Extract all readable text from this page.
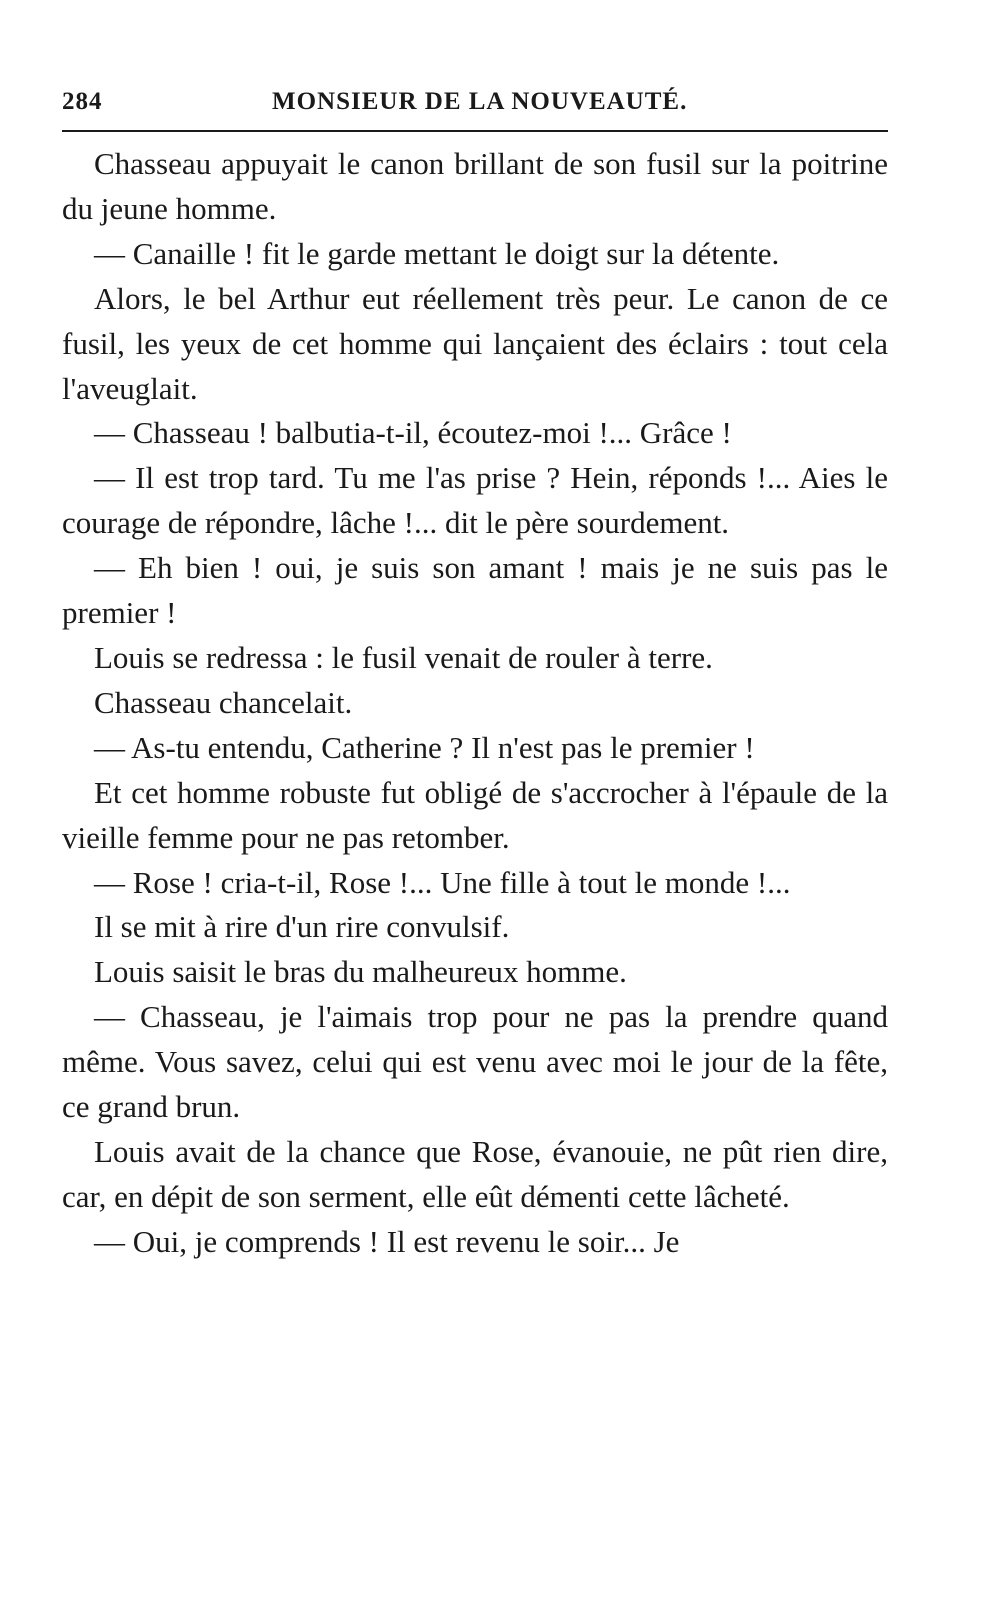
284	MONSIEUR DE LA NOUVEAUTÉ.

Chasseau appuyait le canon brillant de son fusil sur la poitrine du jeune homme.

— Canaille ! fit le garde mettant le doigt sur la détente.

Alors, le bel Arthur eut réellement très peur. Le canon de ce fusil, les yeux de cet homme qui lançaient des éclairs : tout cela l'aveuglait.

— Chasseau ! balbutia-t-il, écoutez-moi !... Grâce !

— Il est trop tard. Tu me l'as prise ? Hein, réponds !... Aies le courage de répondre, lâche !... dit le père sourdement.

— Eh bien ! oui, je suis son amant ! mais je ne suis pas le premier !

Louis se redressa : le fusil venait de rouler à terre.

Chasseau chancelait.

— As-tu entendu, Catherine ? Il n'est pas le premier !

Et cet homme robuste fut obligé de s'accrocher à l'épaule de la vieille femme pour ne pas retomber.

— Rose ! cria-t-il, Rose !... Une fille à tout le monde !...

Il se mit à rire d'un rire convulsif.

Louis saisit le bras du malheureux homme.

— Chasseau, je l'aimais trop pour ne pas la prendre quand même. Vous savez, celui qui est venu avec moi le jour de la fête, ce grand brun.

Louis avait de la chance que Rose, évanouie, ne pût rien dire, car, en dépit de son serment, elle eût démenti cette lâcheté.

— Oui, je comprends ! Il est revenu le soir... Je
